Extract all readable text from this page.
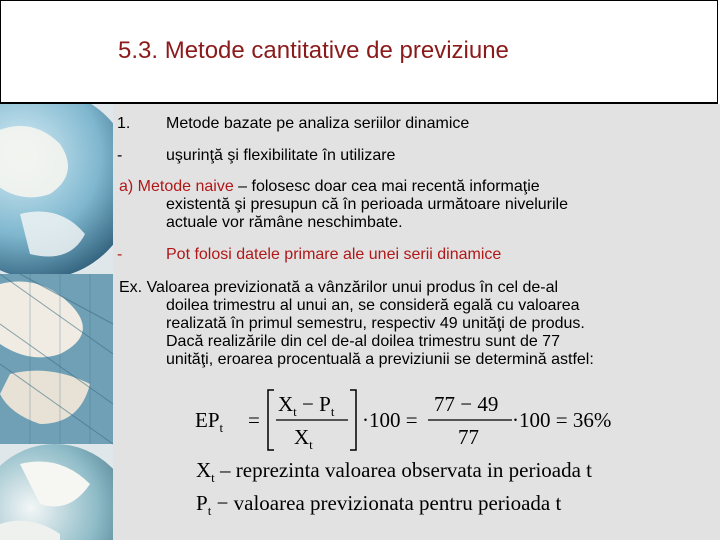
5.3. Metode cantitative de previziune
1. Metode bazate pe analiza seriilor dinamice
-	uşurinţă şi flexibilitate în utilizare
a) Metode naive – folosesc doar cea mai recentă informaţie
existentă şi presupun că în perioada următoare nivelurile
actuale vor rămâne neschimbate.
-	Pot folosi datele primare ale unei serii dinamice
Ex. Valoarea previzionată a vânzărilor unui produs în cel de-al
doilea trimestru al unui an, se consideră egală cu valoarea
realizată în primul semestru, respectiv 49 unităţi de produs.
Dacă realizările din cel de-al doilea trimestru sunt de 77
unităţi, eroarea procentuală a previziunii se determină astfel:
$EP_t$ =
$X_t - P_t$
$X_t$
·100 =
77 − 49
77
·100 = 36%
$X_t$ – reprezinta valoarea observata in perioada t
$P_t$ − valoarea previzionata pentru perioada t
